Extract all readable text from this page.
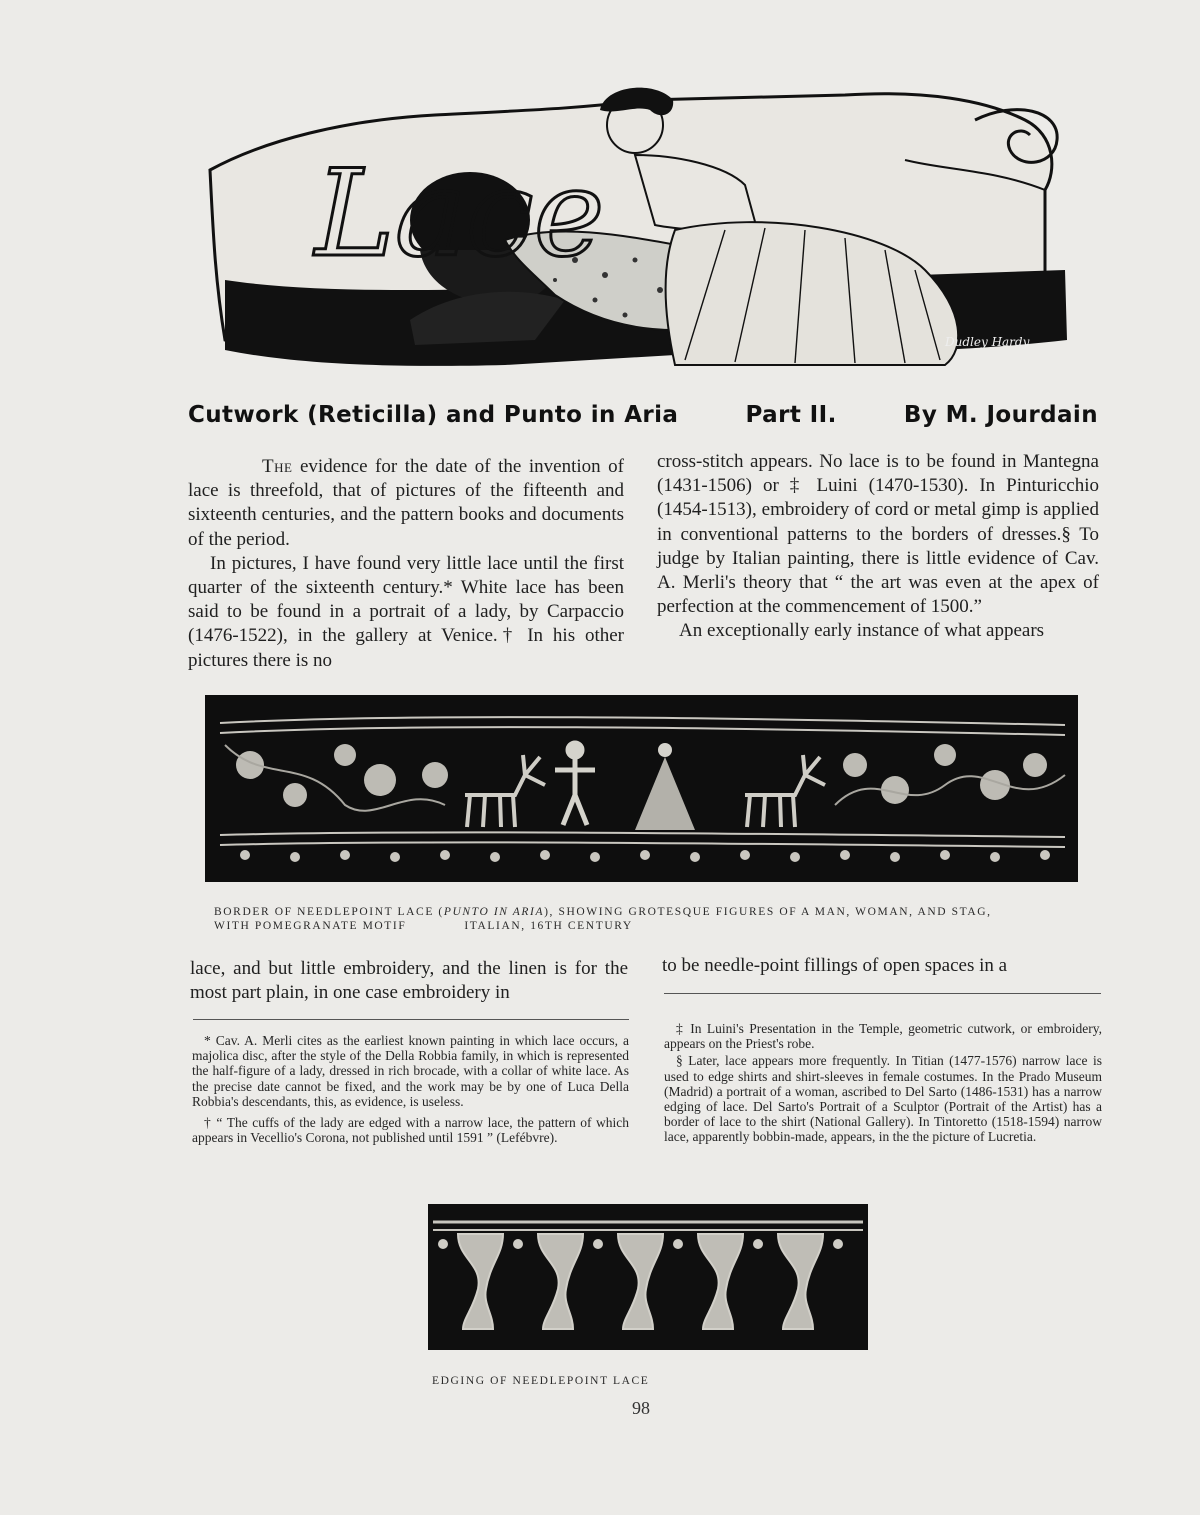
Lace
Dudley Hardy
Cutwork (Reticilla) and Punto in Aria	Part II.	By M. Jourdain

The evidence for the date of the invention of lace is threefold, that of pictures of the fifteenth and sixteenth centuries, and the pattern books and documents of the period.

In pictures, I have found very little lace until the first quarter of the sixteenth century.* White lace has been said to be found in a portrait of a lady, by Carpaccio (1476-1522), in the gallery at Venice.† In his other pictures there is no

cross-stitch appears. No lace is to be found in Mantegna (1431-1506) or ‡ Luini (1470-1530). In Pinturicchio (1454-1513), embroidery of cord or metal gimp is applied in conventional patterns to the borders of dresses.§ To judge by Italian painting, there is little evidence of Cav. A. Merli's theory that “ the art was even at the apex of perfection at the commencement of 1500.”

An exceptionally early instance of what appears

BORDER OF NEEDLEPOINT LACE (PUNTO IN ARIA), SHOWING GROTESQUE FIGURES OF A MAN, WOMAN, AND STAG,
WITH POMEGRANATE MOTIF	ITALIAN, 16TH CENTURY

lace, and but little embroidery, and the linen is for the most part plain, in one case embroidery in

to be needle-point fillings of open spaces in a

* Cav. A. Merli cites as the earliest known painting in which lace occurs, a majolica disc, after the style of the Della Robbia family, in which is represented the half-figure of a lady, dressed in rich brocade, with a collar of white lace. As the precise date cannot be fixed, and the work may be by one of Luca Della Robbia's descendants, this, as evidence, is useless.

† “ The cuffs of the lady are edged with a narrow lace, the pattern of which appears in Vecellio's Corona, not published until 1591 ” (Lefébvre).

‡ In Luini's Presentation in the Temple, geometric cutwork, or embroidery, appears on the Priest's robe.

§ Later, lace appears more frequently. In Titian (1477-1576) narrow lace is used to edge shirts and shirt-sleeves in female costumes. In the Prado Museum (Madrid) a portrait of a woman, ascribed to Del Sarto (1486-1531) has a narrow edging of lace. Del Sarto's Portrait of a Sculptor (Portrait of the Artist) has a border of lace to the shirt (National Gallery). In Tintoretto (1518-1594) narrow lace, apparently bobbin-made, appears, in the the picture of Lucretia.

EDGING OF NEEDLEPOINT LACE
98
